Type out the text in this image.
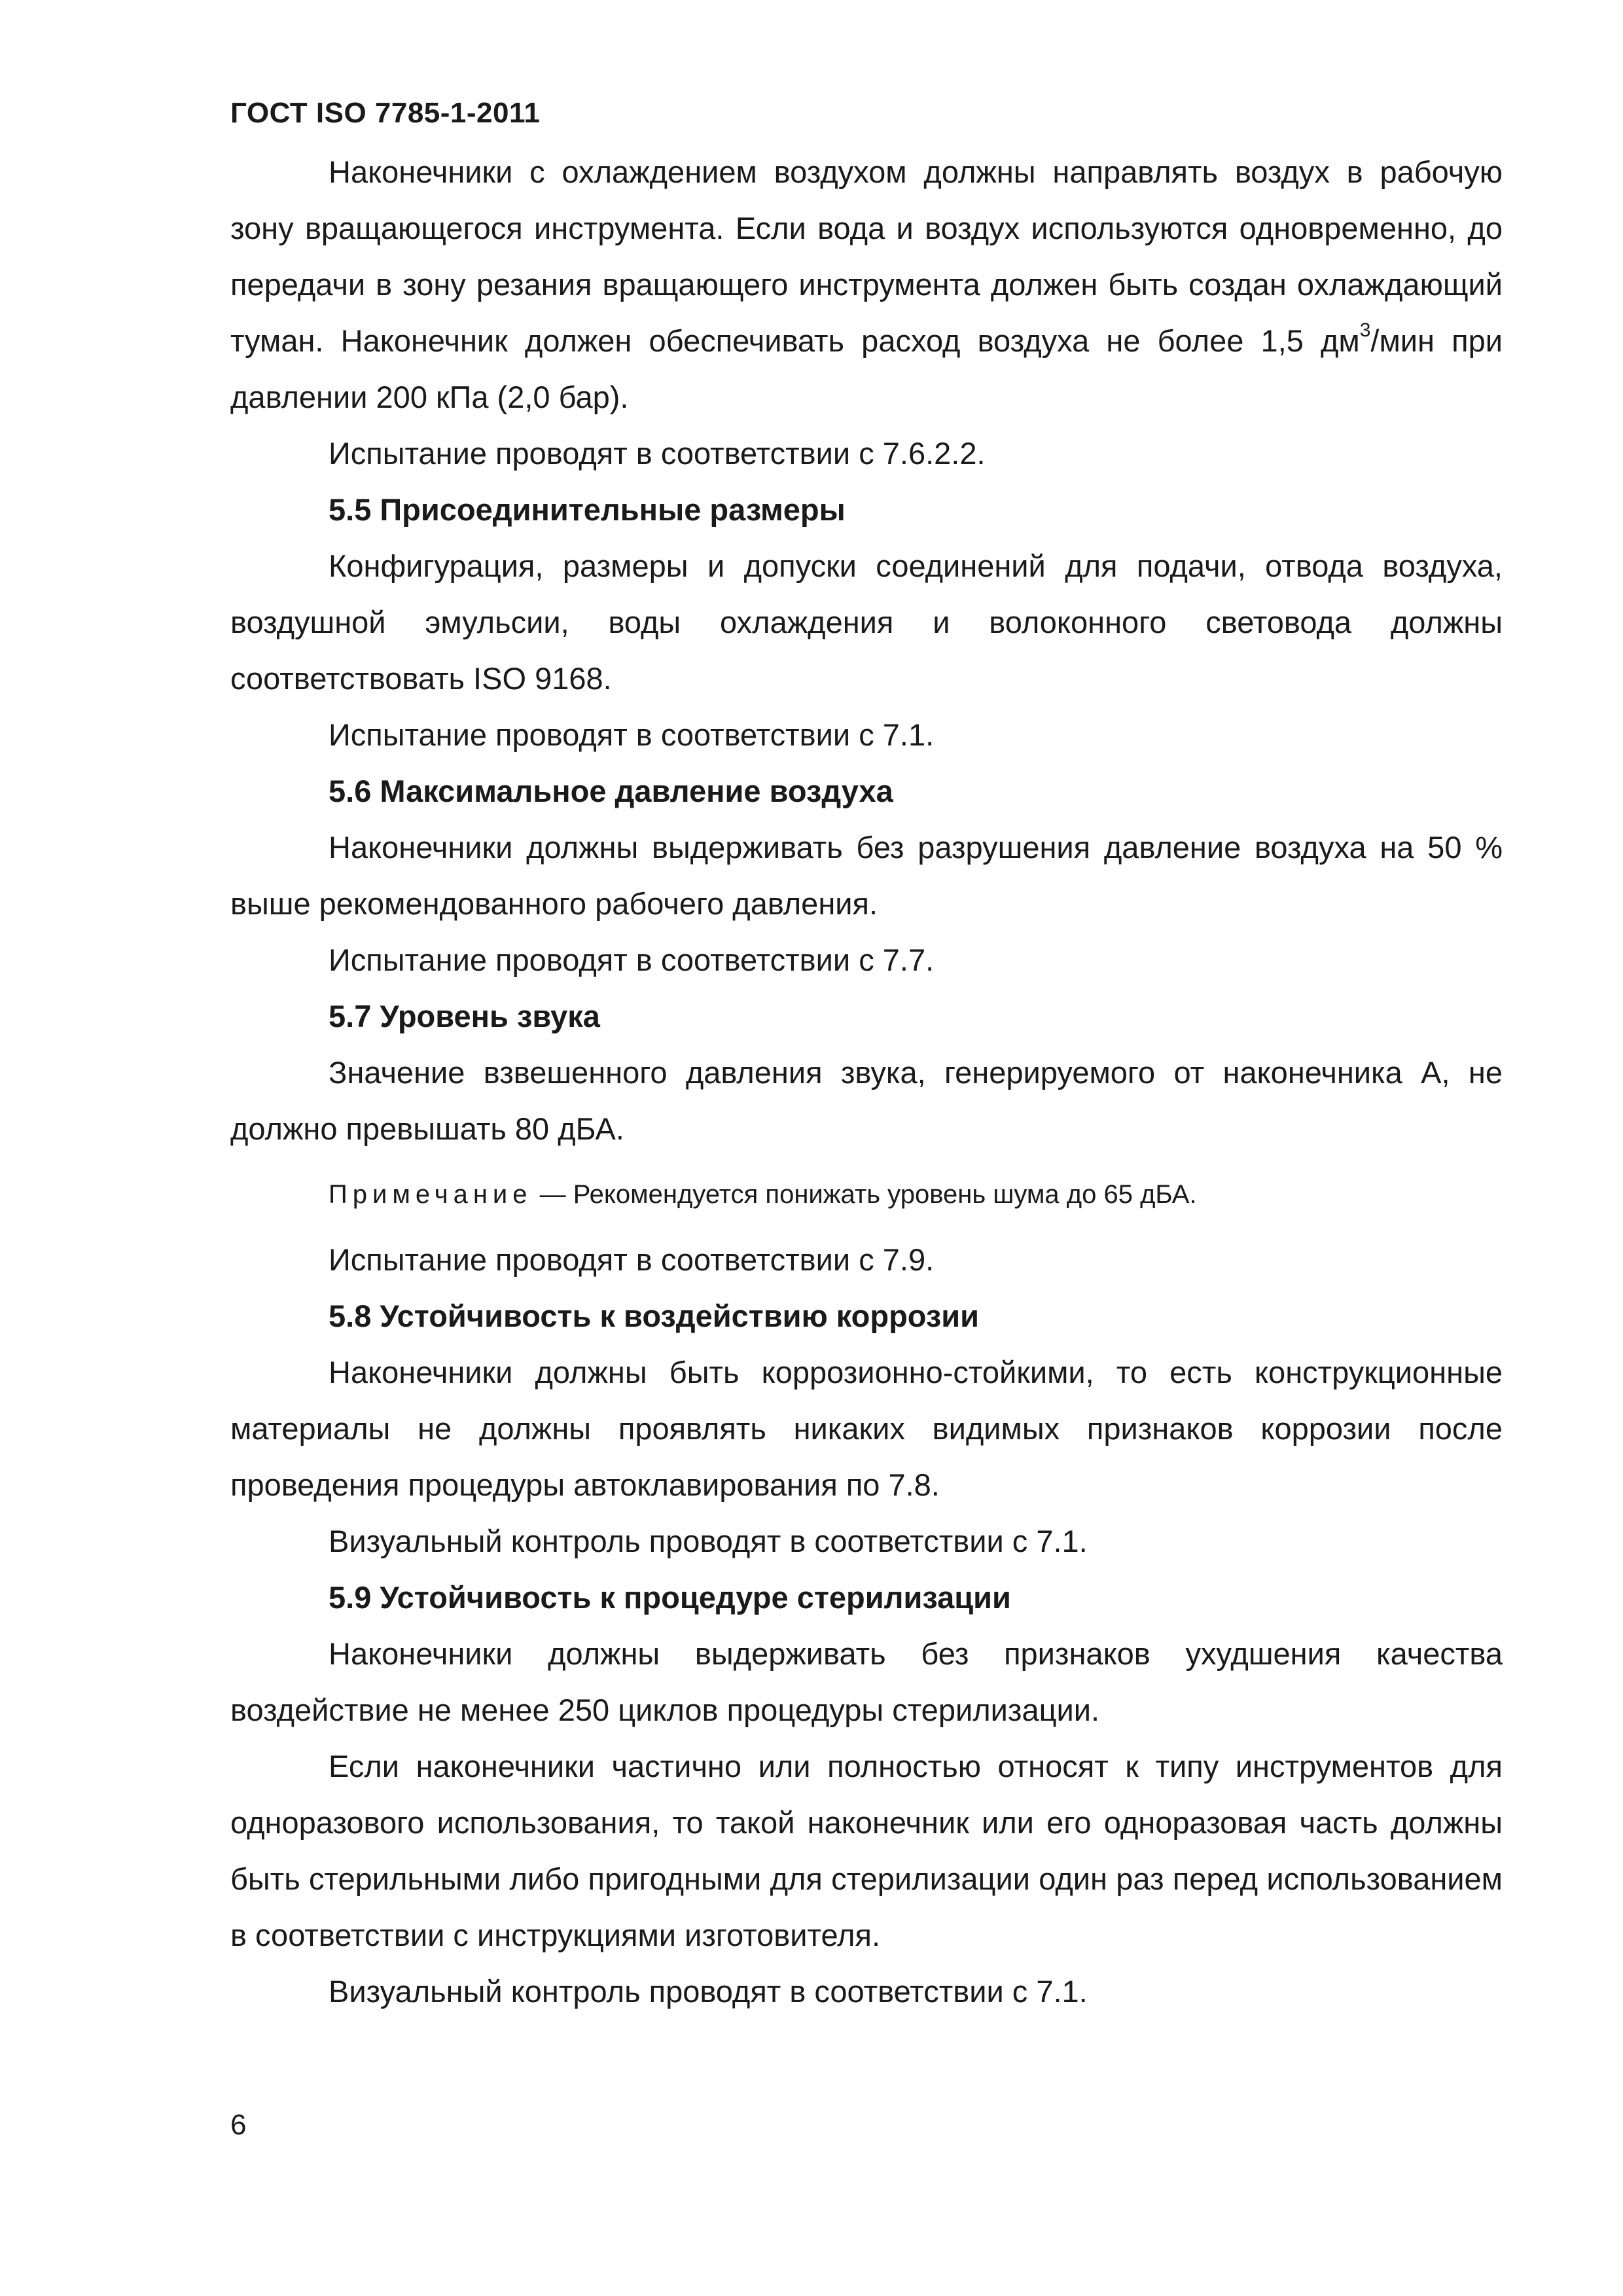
ГОСТ ISO 7785-1-2011

Наконечники с охлаждением воздухом должны направлять воздух в рабочую зону вращающегося инструмента. Если вода и воздух используются одновременно, до передачи в зону резания вращающего инструмента должен быть создан охлаждающий туман. Наконечник должен обеспечивать расход воздуха не более 1,5 $дм^3$/мин при давлении 200 кПа (2,0 бар).

Испытание проводят в соответствии с 7.6.2.2.

5.5 Присоединительные размеры

Конфигурация, размеры и допуски соединений для подачи, отвода воздуха, воздушной эмульсии, воды охлаждения и волоконного световода должны соответствовать ISO 9168.

Испытание проводят в соответствии с 7.1.

5.6 Максимальное давление воздуха

Наконечники должны выдерживать без разрушения давление воздуха на 50 % выше рекомендованного рабочего давления.

Испытание проводят в соответствии с 7.7.

5.7 Уровень звука

Значение взвешенного давления звука, генерируемого от наконечника А, не должно превышать 80 дБА.

Примечание — Рекомендуется понижать уровень шума до 65 дБА.

Испытание проводят в соответствии с 7.9.

5.8 Устойчивость к воздействию коррозии

Наконечники должны быть коррозионно-стойкими, то есть конструкционные материалы не должны проявлять никаких видимых признаков коррозии после проведения процедуры автоклавирования по 7.8.

Визуальный контроль проводят в соответствии с 7.1.

5.9 Устойчивость к процедуре стерилизации

Наконечники должны выдерживать без признаков ухудшения качества воздействие не менее 250 циклов процедуры стерилизации.

Если наконечники частично или полностью относят к типу инструментов для одноразового использования, то такой наконечник или его одноразовая часть должны быть стерильными либо пригодными для стерилизации один раз перед использованием в соответствии с инструкциями изготовителя.

Визуальный контроль проводят в соответствии с 7.1.

6
